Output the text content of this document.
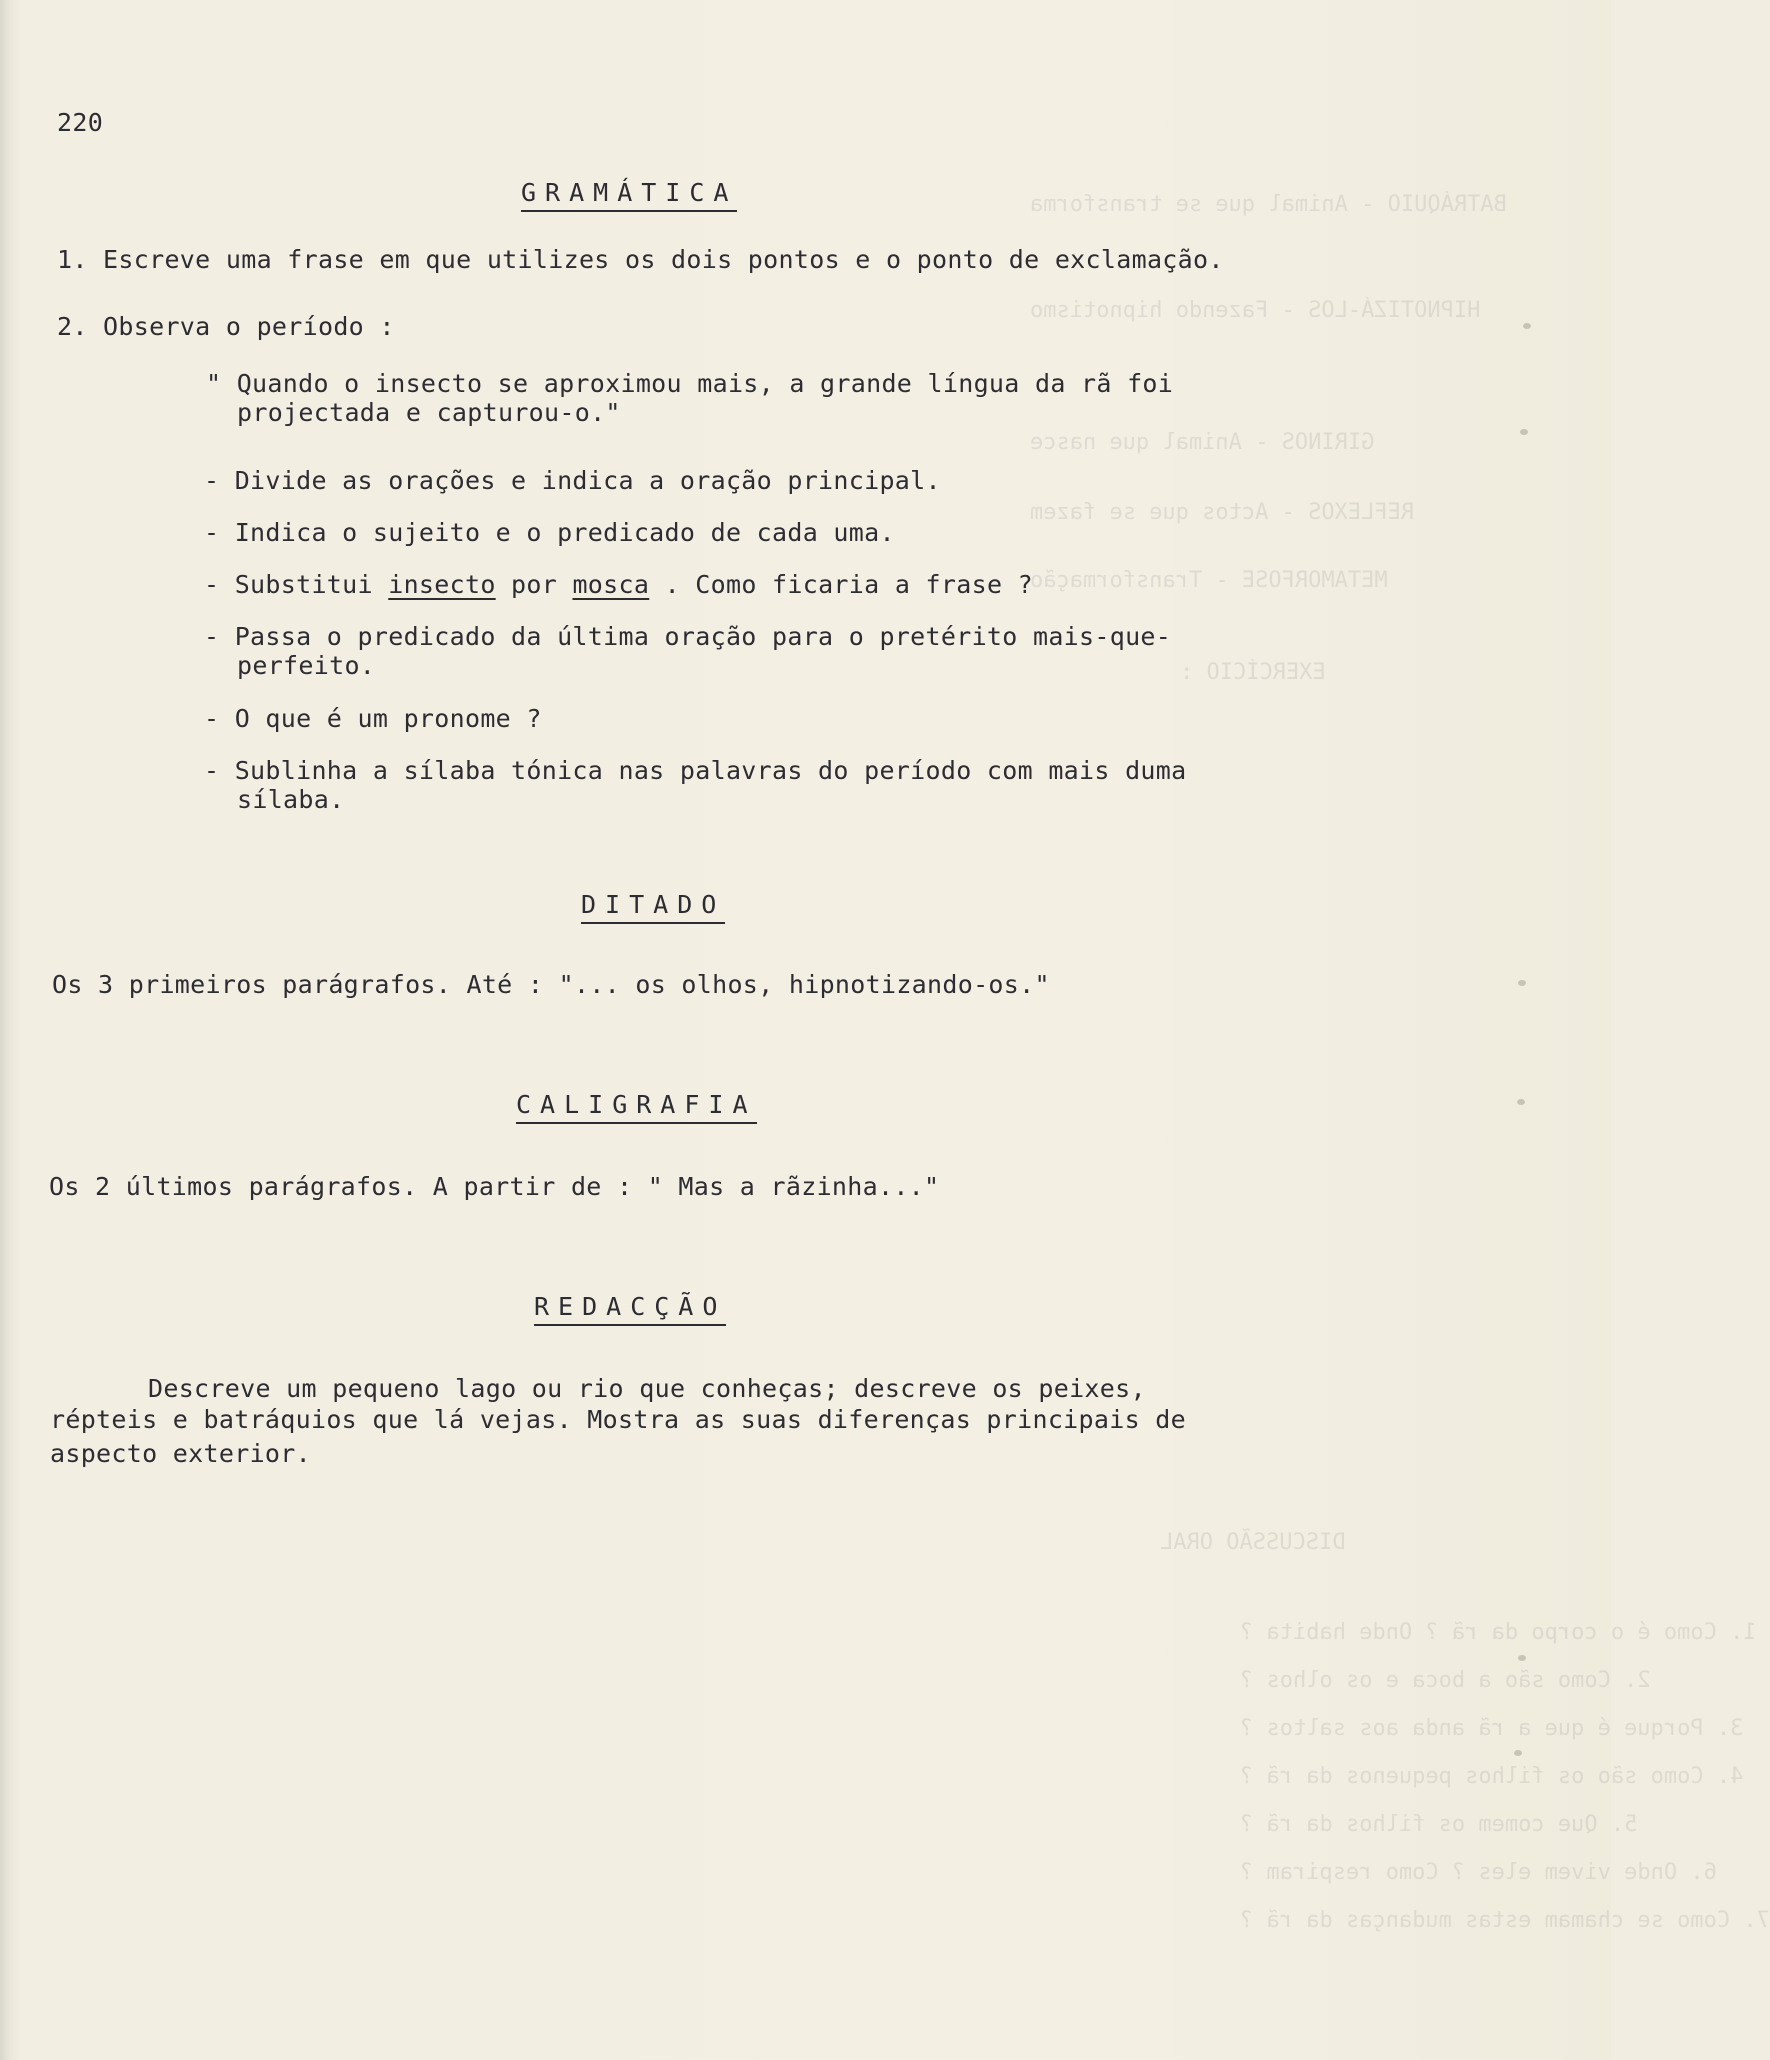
BATRÁQUIO - Animal que se transforma
HIPNOTIZÁ-LOS - Fazendo hipnotismo
GIRINOS - Animal que nasce
REFLEXOS - Actos que se fazem
METAMORFOSE - Transformação
EXERCÍCIO :
DISCUSSÃO ORAL
1. Como é o corpo da rã ? Onde habita ?
2. Como são a boca e os olhos ?
3. Porque é que a rã anda aos saltos ?
4. Como são os filhos pequenos da rã ?
5. Que comem os filhos da rã ?
6. Onde vivem eles ? Como respiram ?
7. Como se chamam estas mudanças da rã ?
220
GRAMÁTICA
1. Escreve uma frase em que utilizes os dois pontos e o ponto de exclamação.
2. Observa o período :
" Quando o insecto se aproximou mais, a grande língua da rã foi
projectada e capturou-o."
- Divide as orações e indica a oração principal.
- Indica o sujeito e o predicado de cada uma.
- Substitui insecto por mosca . Como ficaria a frase ?
- Passa o predicado da última oração para o pretérito mais-que-
perfeito.
- O que é um pronome ?
- Sublinha a sílaba tónica nas palavras do período com mais duma
sílaba.
DITADO
Os 3 primeiros parágrafos. Até : "... os olhos, hipnotizando-os."
CALIGRAFIA
Os 2 últimos parágrafos. A partir de : " Mas a rãzinha..."
REDACÇÃO
Descreve um pequeno lago ou rio que conheças; descreve os peixes,
répteis e batráquios que lá vejas. Mostra as suas diferenças principais de
aspecto exterior.
